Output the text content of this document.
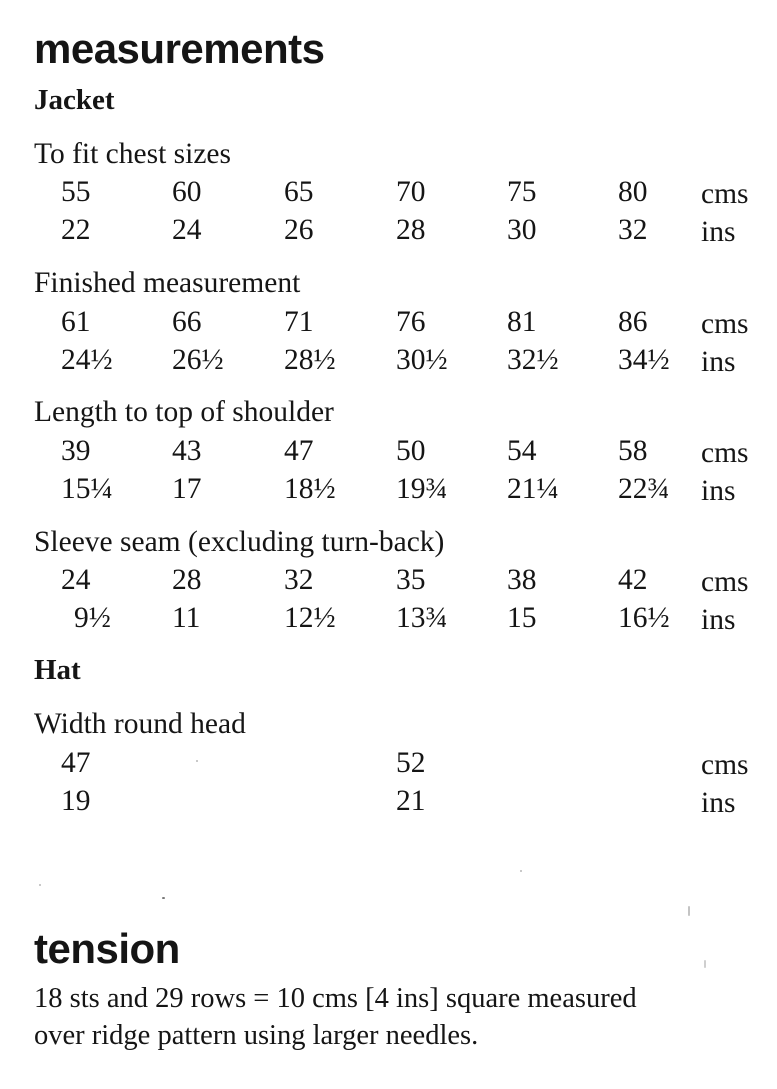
measurements
Jacket
To fit chest sizes
55	60	65	70	75	80 cms
22	24	26	28	30	32 ins
Finished measurement
61	66	71	76	81	86 cms
24½ 26½ 28½ 30½ 32½ 34½ ins
Length to top of shoulder
39	43	47	50	54	58 cms
15¼ 17	18½ 19¾ 21¼ 22¾ ins
Sleeve seam (excluding turn-back)
24	28	32	35	38	42 cms
9½ 11	12½ 13¾ 15	16½ ins
Hat
Width round head
47	52	cms
19	21	ins
tension
18 sts and 29 rows = 10 cms [4 ins] square measured
over ridge pattern using larger needles.
